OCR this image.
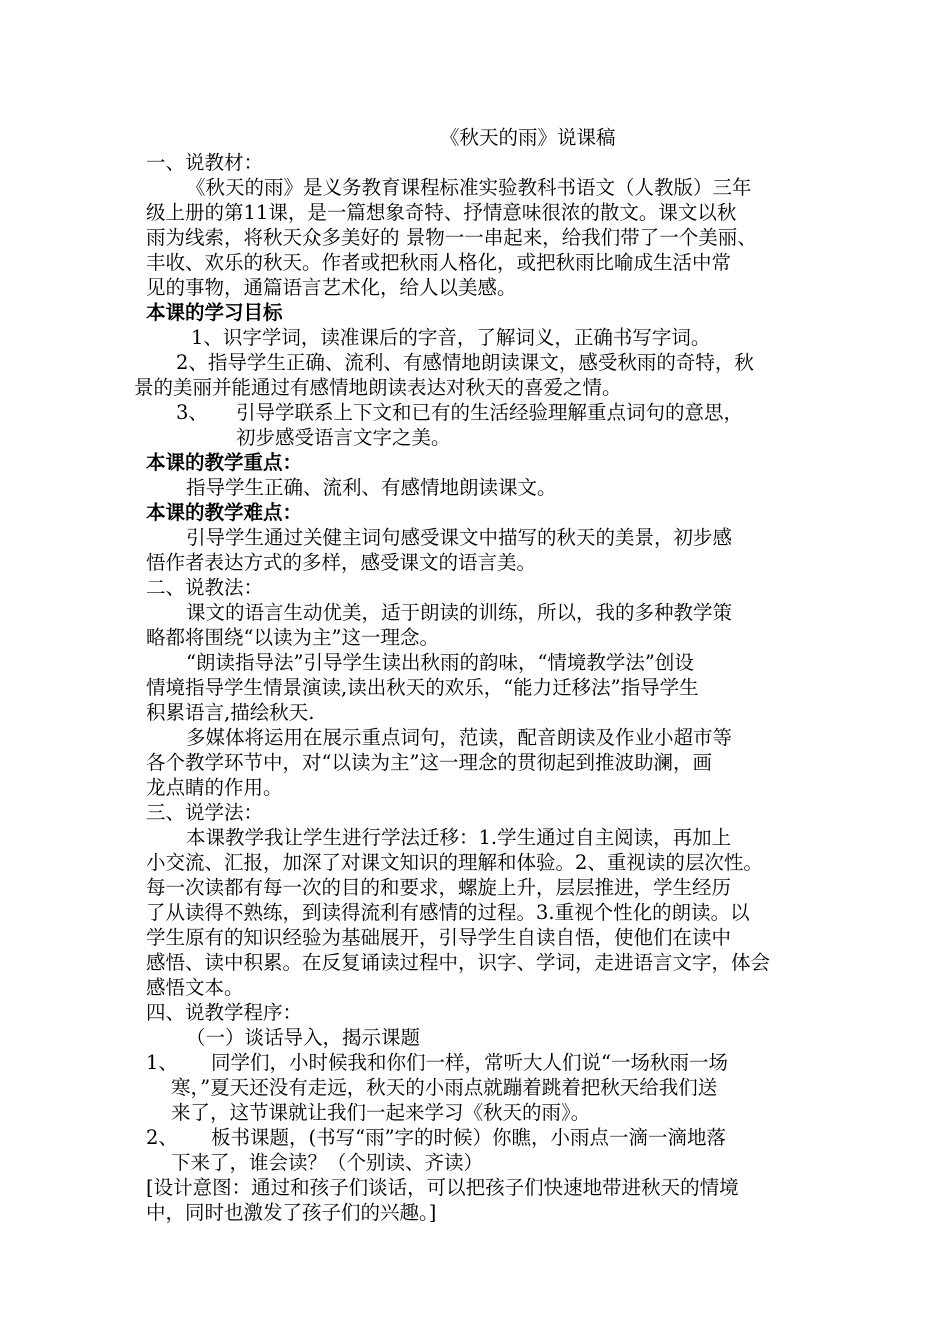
《秋天的雨》说课稿

一、说教材：

《秋天的雨》是义务教育课程标准实验教科书语文（人教版）三年

级上册的第11课，是一篇想象奇特、抒情意味很浓的散文。课文以秋

雨为线索，将秋天众多美好的 景物一一串起来，给我们带了一个美丽、

丰收、欢乐的秋天。作者或把秋雨人格化，或把秋雨比喻成生活中常

见的事物，通篇语言艺术化，给人以美感。

本课的学习目标

1、识字学词，读准课后的字音，了解词义，正确书写字词。

2、指导学生正确、流利、有感情地朗读课文，感受秋雨的奇特，秋

景的美丽并能通过有感情地朗读表达对秋天的喜爱之情。

3、 引导学联系上下文和已有的生活经验理解重点词句的意思，

初步感受语言文字之美。

本课的教学重点：

指导学生正确、流利、有感情地朗读课文。

本课的教学难点：

引导学生通过关健主词句感受课文中描写的秋天的美景，初步感

悟作者表达方式的多样，感受课文的语言美。

二、说教法：

课文的语言生动优美，适于朗读的训练，所以，我的多种教学策

略都将围绕“以读为主”这一理念。

“朗读指导法”引导学生读出秋雨的韵味，“情境教学法”创设

情境指导学生情景演读,读出秋天的欢乐，“能力迁移法”指导学生

积累语言,描绘秋天.

多媒体将运用在展示重点词句，范读，配音朗读及作业小超市等

各个教学环节中，对“以读为主”这一理念的贯彻起到推波助澜，画

龙点睛的作用。

三、说学法：

本课教学我让学生进行学法迁移：1.学生通过自主阅读，再加上

小交流、汇报，加深了对课文知识的理解和体验。2、重视读的层次性。

每一次读都有每一次的目的和要求，螺旋上升，层层推进，学生经历

了从读得不熟练，到读得流利有感情的过程。3.重视个性化的朗读。以

学生原有的知识经验为基础展开，引导学生自读自悟，使他们在读中

感悟、读中积累。在反复诵读过程中，识字、学词，走进语言文字，体会

感悟文本。

四、说教学程序：

（一）谈话导入，揭示课题

1、 同学们，小时候我和你们一样，常听大人们说“一场秋雨一场

寒，”夏天还没有走远，秋天的小雨点就蹦着跳着把秋天给我们送

来了，这节课就让我们一起来学习《秋天的雨》。

2、 板书课题，(书写“雨”字的时候）你瞧，小雨点一滴一滴地落

下来了，谁会读？（个别读、齐读）

[设计意图：通过和孩子们谈话，可以把孩子们快速地带进秋天的情境

中，同时也激发了孩子们的兴趣。]
